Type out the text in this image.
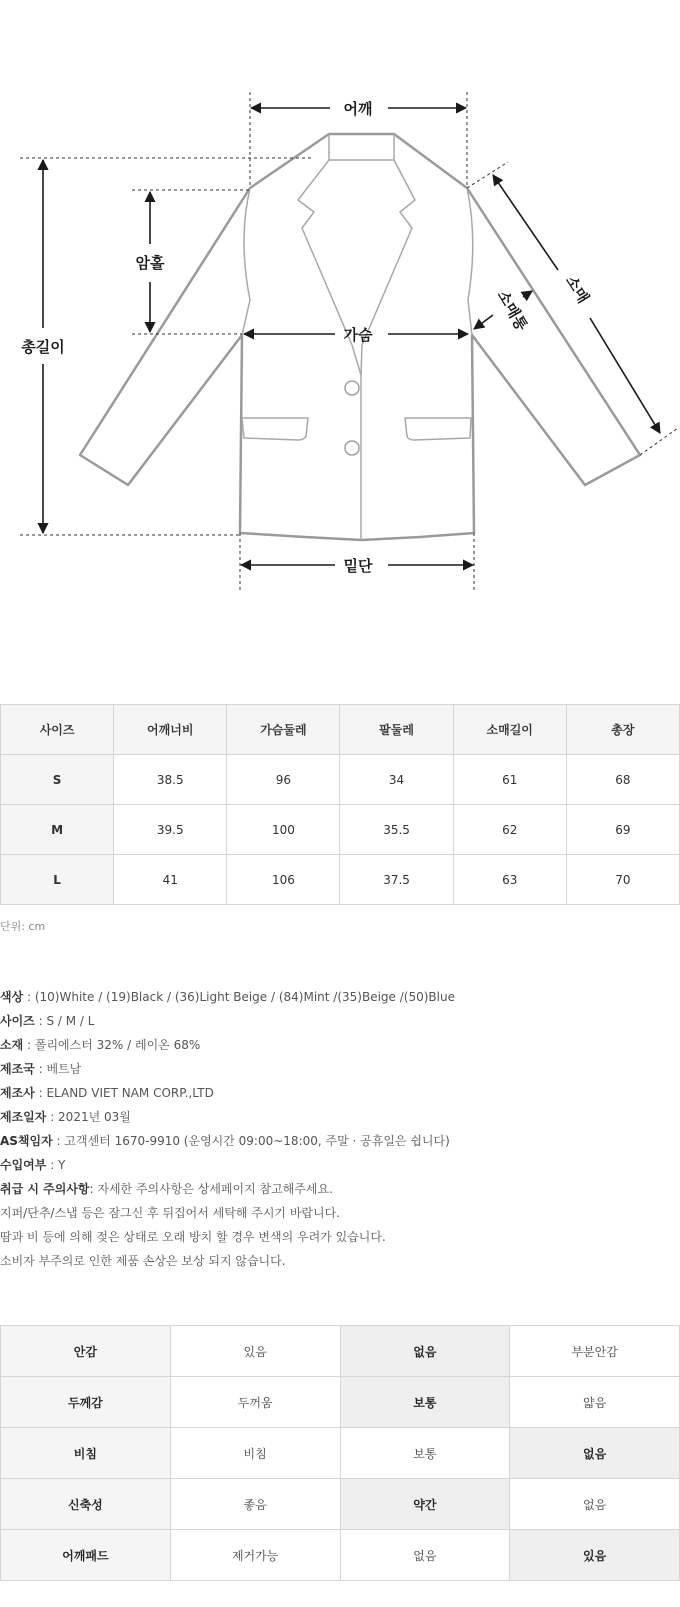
어깨
암홀
총길이
가슴
밑단
소매통 소매
사이즈	어깨너비	가슴둘레	팔둘레	소매길이	총장
S	38.5	96	34	61	68
M	39.5	100	35.5	62	69
L	41	106	37.5	63	70
단위: cm
색상 : (10)White / (19)Black / (36)Light Beige / (84)Mint /(35)Beige /(50)Blue
사이즈 : S / M / L
소재 : 폴리에스터 32% / 레이온 68%
제조국 : 베트남
제조사 : ELAND VIET NAM CORP.,LTD
제조일자 : 2021년 03월
AS책임자 : 고객센터 1670-9910 (운영시간 09:00~18:00, 주말 · 공휴일은 쉽니다)
수입여부 : Y
취급 시 주의사항: 자세한 주의사항은 상세페이지 참고해주세요.
지퍼/단추/스냅 등은 잠그신 후 뒤집어서 세탁해 주시기 바랍니다.
땀과 비 등에 의해 젖은 상태로 오래 방치 할 경우 변색의 우려가 있습니다.
소비자 부주의로 인한 제품 손상은 보상 되지 않습니다.
안감	있음	없음	부분안감
두께감	두꺼움	보통	얇음
비침	비침	보통	없음
신축성	좋음	약간	없음
어깨패드	제거가능	없음	있음
